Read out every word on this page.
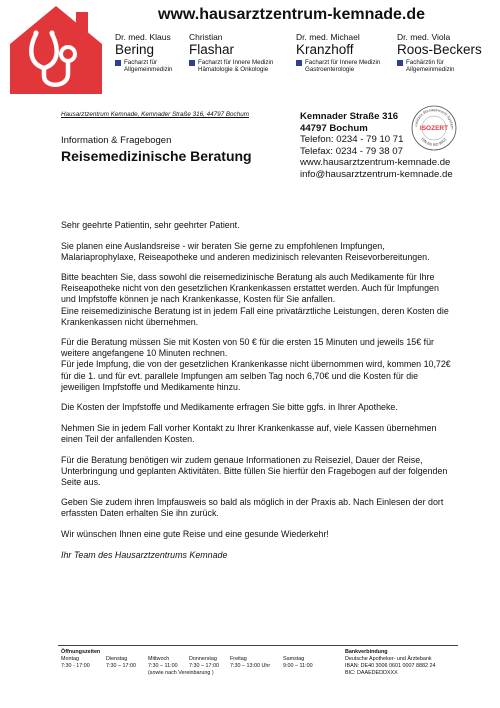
www.hausarztzentrum-kemnade.de
Dr. med. Klaus
Bering
Facharzt für
Allgemeinmedizin
Christian
Flashar
Facharzt für Innere Medizin
Hämatologie & Onkologie
Dr. med. Michael
Kranzhoff
Facharzt für Innere Medizin
Gastroenterologie
Dr. med. Viola
Roos-Beckers
Fachärztin für
Allgemeinmedizin
Hausarztzentrum Kemnade, Kemnader Straße 316, 44797 Bochum
Information & Fragebogen
Reisemedizinische Beratung
Kemnader Straße 316
44797 Bochum
Telefon: 0234 - 79 10 71
Telefax: 0234 - 79 38 07
www.hausarztzentrum-kemnade.de
info@hausarztzentrum-kemnade.de
ualitäts-Management-System
DIN EN ISO 9001
ISOZERT

Sehr geehrte Patientin, sehr geehrter Patient.

Sie planen eine Auslandsreise - wir beraten Sie gerne zu empfohlenen Impfungen, Malariaprophylaxe, Reiseapotheke und anderen medizinisch relevanten Reisevorbereitungen.

Bitte beachten Sie, dass sowohl die reisemedizinische Beratung als auch Medikamente für Ihre Reiseapotheke nicht von den gesetzlichen Krankenkassen erstattet werden. Auch für Impfungen und Impfstoffe können je nach Krankenkasse, Kosten für Sie anfallen.
Eine reisemedizinische Beratung ist in jedem Fall eine privatärztliche Leistungen, deren Kosten die Krankenkassen nicht übernehmen.

Für die Beratung müssen Sie mit Kosten von 50 € für die ersten 15 Minuten und jeweils 15€ für weitere angefangene 10 Minuten rechnen.
Für jede Impfung, die von der gesetzlichen Krankenkasse nicht übernommen wird, kommen 10,72€ für die 1. und für evt. parallele Impfungen am selben Tag noch 6,70€ und die Kosten für die jeweiligen Impfstoffe und Medikamente hinzu.

Die Kosten der Impfstoffe und Medikamente erfragen Sie bitte ggfs. in Ihrer Apotheke.

Nehmen Sie in jedem Fall vorher Kontakt zu Ihrer Krankenkasse auf, viele Kassen übernehmen einen Teil der anfallenden Kosten.

Für die Beratung benötigen wir zudem genaue Informationen zu Reiseziel, Dauer der Reise, Unterbringung und geplanten Aktivitäten. Bitte füllen Sie hierfür den Fragebogen auf der folgenden Seite aus.

Geben Sie zudem ihren Impfausweis so bald als möglich in der Praxis ab. Nach Einlesen der dort erfassten Daten erhalten Sie ihn zurück.

Wir wünschen Ihnen eine gute Reise und eine gesunde Wiederkehr!

Ihr Team des Hausarztzentrums Kemnade

Öffnungszeiten
Montag
7:30 - 17:00
Dienstag
7:30 – 17:00
Mittwoch
7:30 – 11:00
(sowie nach Vereinbarung )
Donnerstag
7:30 – 17:00
Freitag
7:30 – 13:00 Uhr
Samstag
9:00 – 11:00
Bankverbindung
Deutsche Apotheker- und Ärztebank
IBAN: DE40 3006 0601 0007 8882 24
BIC: DAAEDEDDXXX
